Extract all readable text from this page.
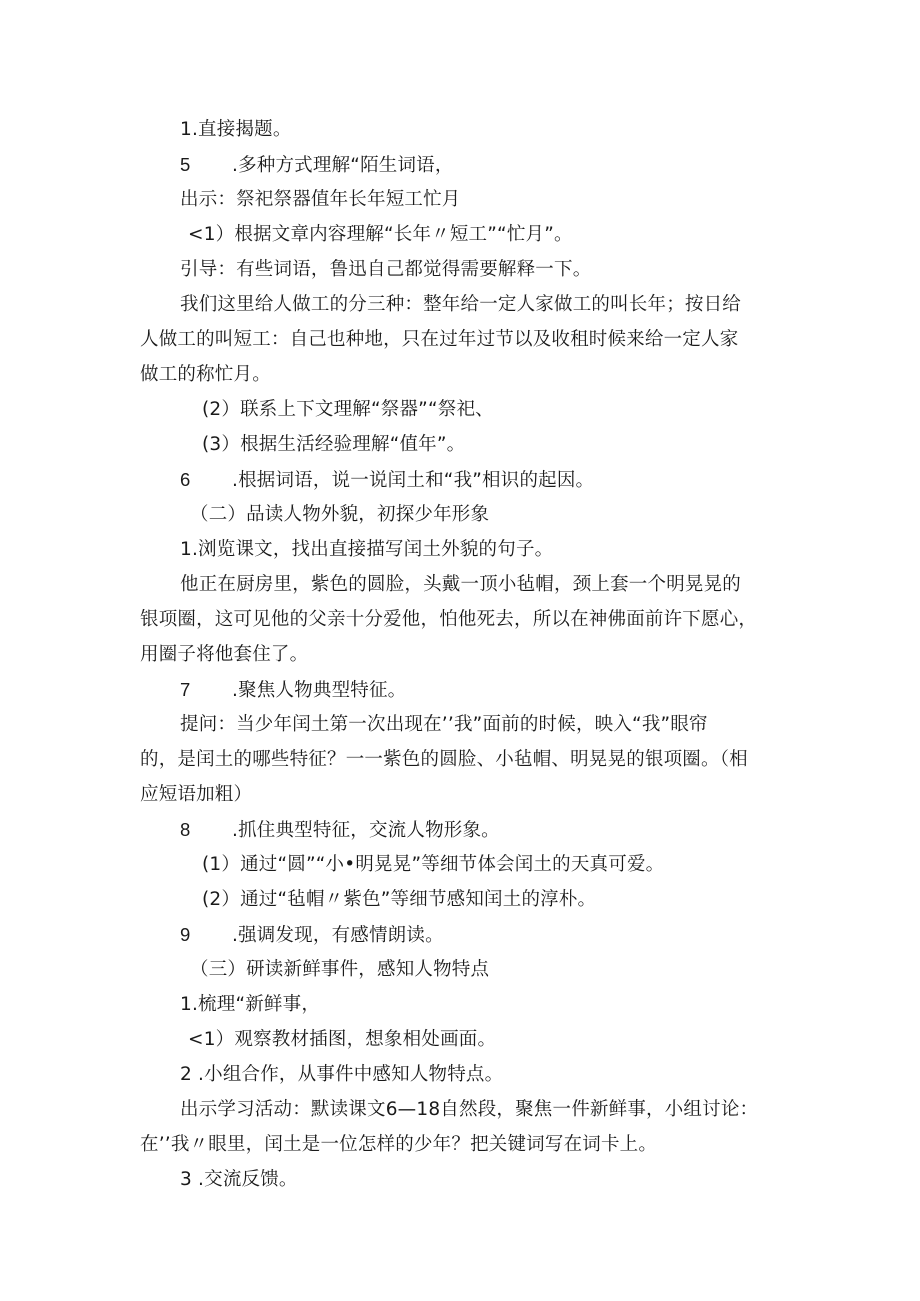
1.直接揭题。
5 .多种方式理解“陌生词语，
出示：祭祀祭器值年长年短工忙月
<1）根据文章内容理解“长年〃短工”“忙月”。
引导：有些词语，鲁迅自己都觉得需要解释一下。
我们这里给人做工的分三种：整年给一定人家做工的叫长年；按日给
人做工的叫短工：自己也种地，只在过年过节以及收租时候来给一定人家
做工的称忙月。
(2）联系上下文理解“祭器”“祭祀、
(3）根据生活经验理解“值年”。
6 .根据词语，说一说闰土和“我”相识的起因。
（二）品读人物外貌，初探少年形象
1.浏览课文，找出直接描写闰土外貌的句子。
他正在厨房里，紫色的圆脸，头戴一顶小毡帽，颈上套一个明晃晃的
银项圈，这可见他的父亲十分爱他，怕他死去，所以在神佛面前许下愿心，
用圈子将他套住了。
7 .聚焦人物典型特征。
提问：当少年闰土第一次出现在’’我”面前的时候，映入“我”眼帘
的，是闰土的哪些特征？一一紫色的圆脸、小毡帽、明晃晃的银项圈。（相
应短语加粗）
8 .抓住典型特征，交流人物形象。
(1）通过“圆”“小•明晃晃”等细节体会闰土的天真可爱。
(2）通过“毡帽〃紫色”等细节感知闰土的淳朴。
9 .强调发现，有感情朗读。
（三）研读新鲜事件，感知人物特点
1.梳理“新鲜事，
<1）观察教材插图，想象相处画面。
2 .小组合作，从事件中感知人物特点。
出示学习活动：默读课文6—18自然段，聚焦一件新鲜事，小组讨论：
在’’我〃眼里，闰土是一位怎样的少年？把关键词写在词卡上。
3 .交流反馈。
